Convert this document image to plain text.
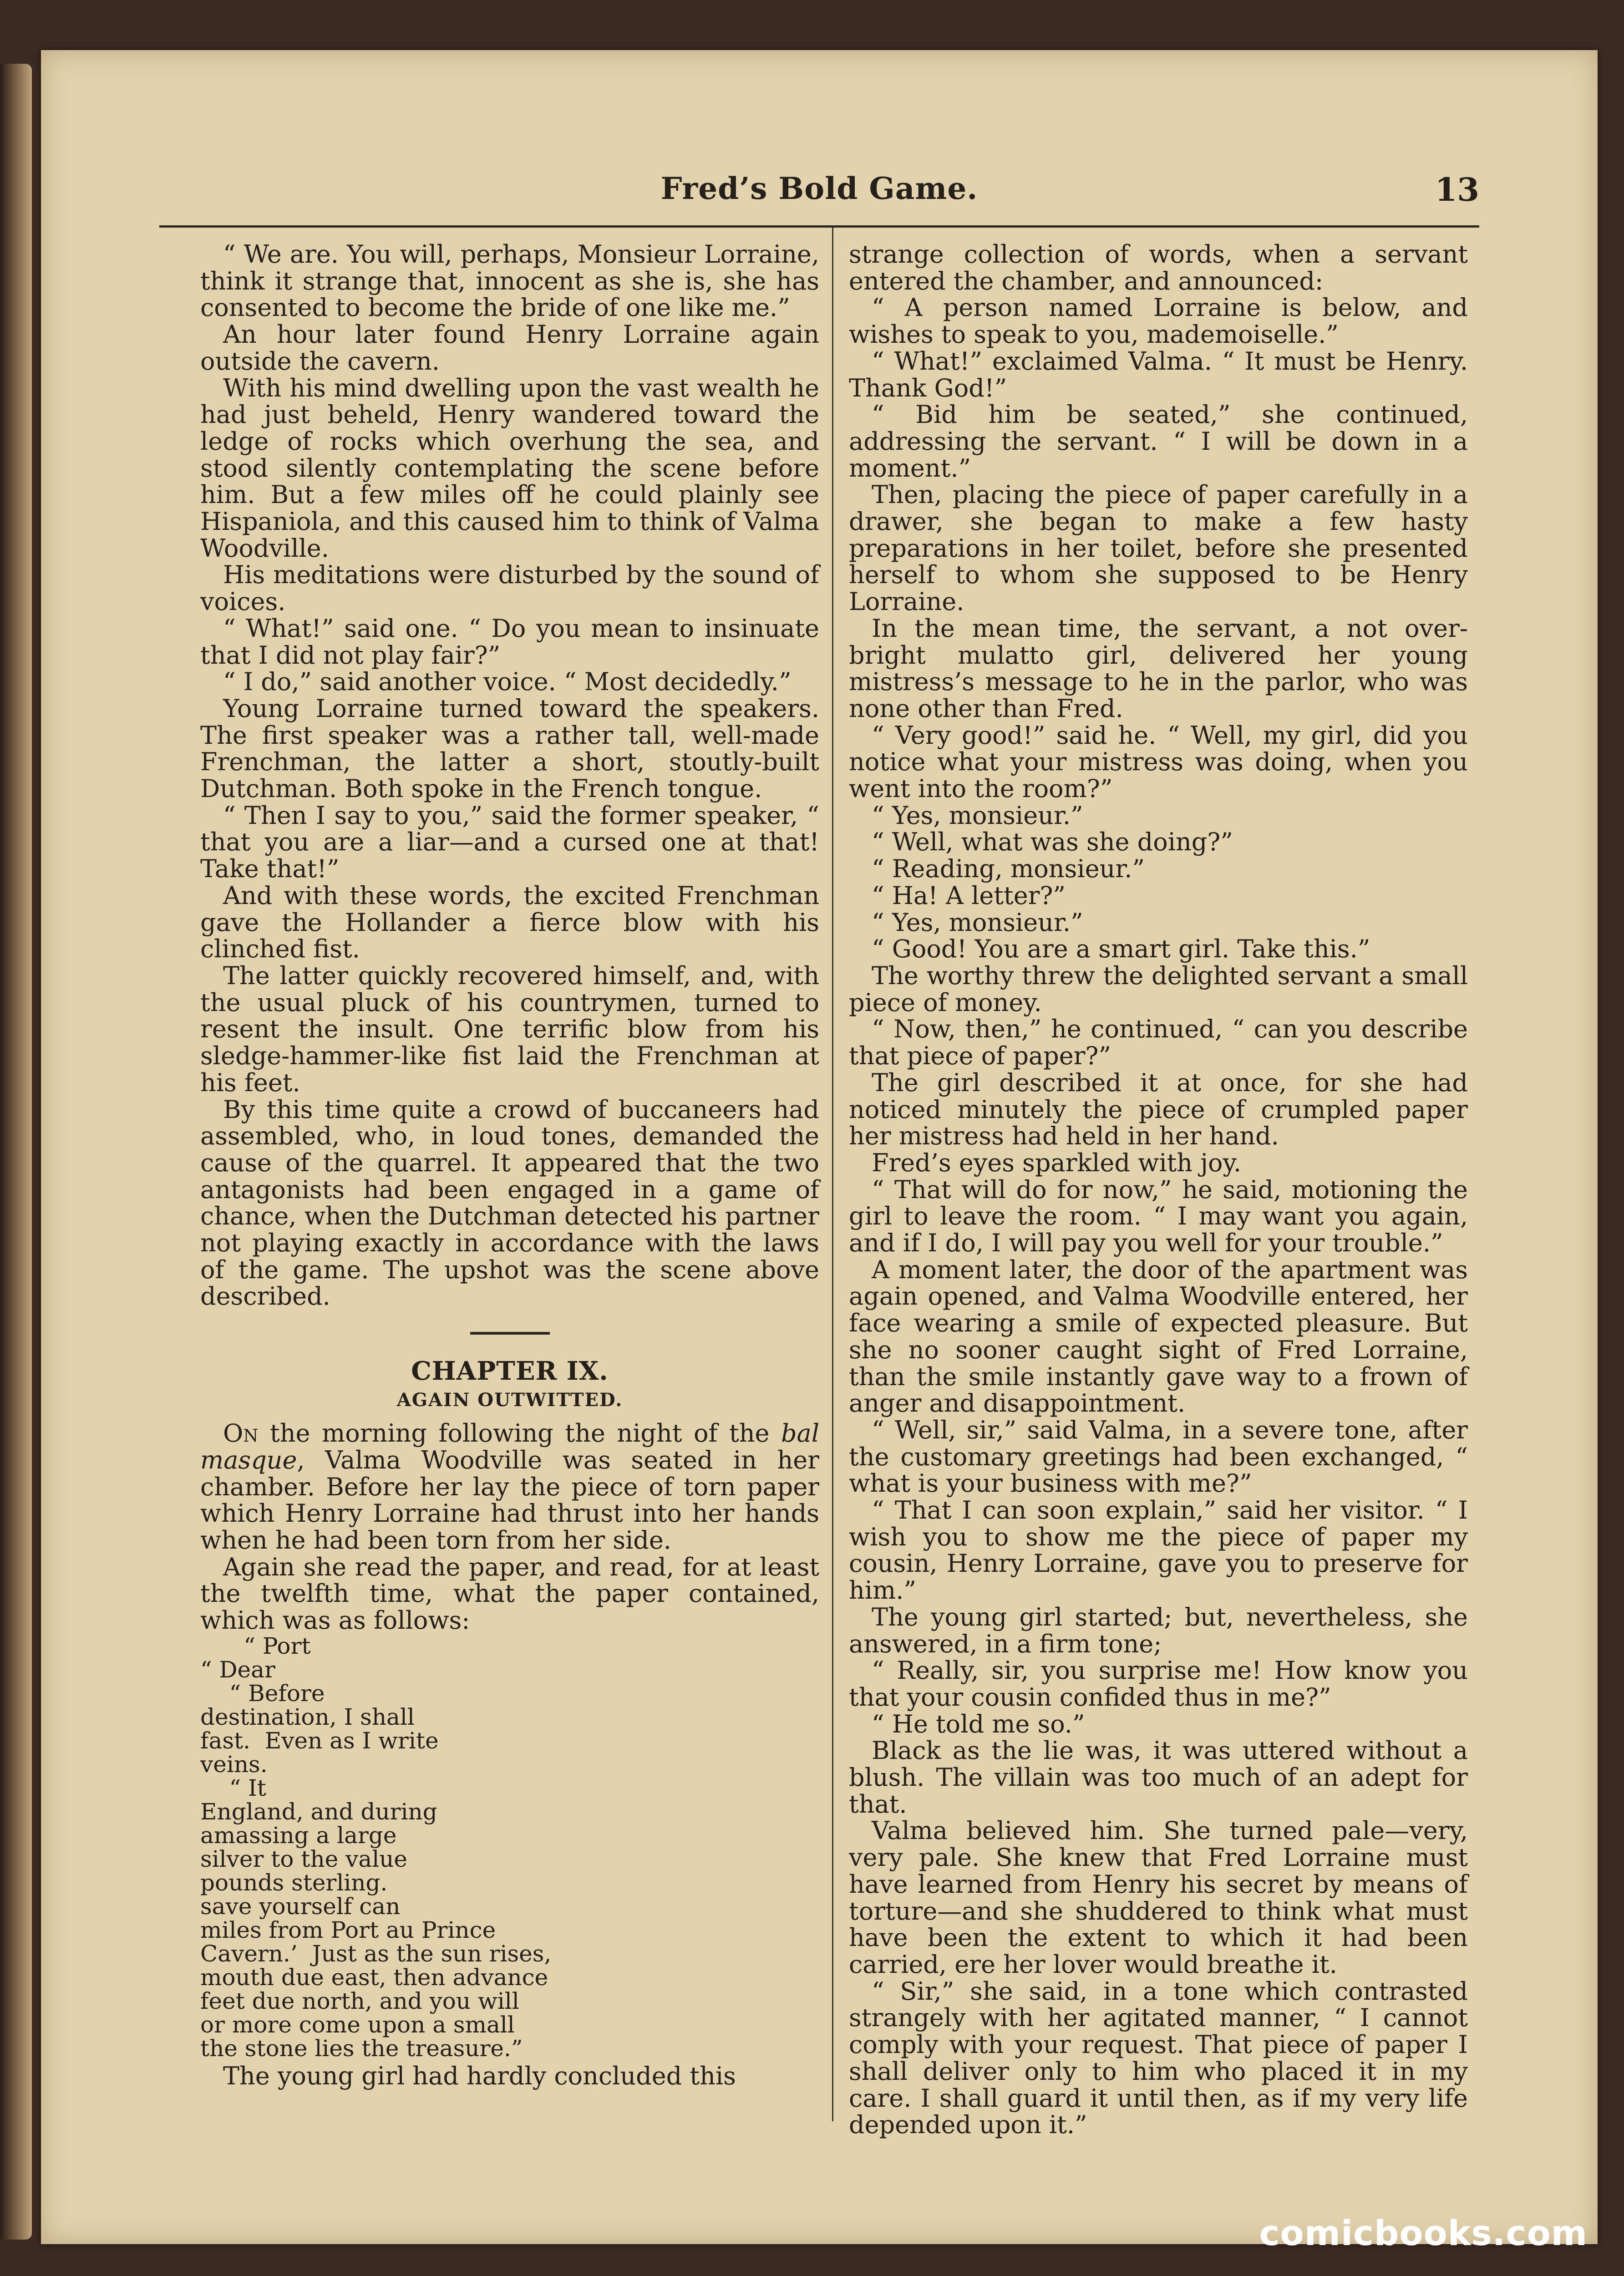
Fred’s Bold Game.	13

“ We are. You will, perhaps, Monsieur Lorraine, think it strange that, innocent as she is, she has consented to become the bride of one like me.”

An hour later found Henry Lorraine again outside the cavern.

With his mind dwelling upon the vast wealth he had just beheld, Henry wandered toward the ledge of rocks which overhung the sea, and stood silently contemplating the scene before him. But a few miles off he could plainly see Hispaniola, and this caused him to think of Valma Woodville.

His meditations were disturbed by the sound of voices.

“ What!” said one. “ Do you mean to insinuate that I did not play fair?”

“ I do,” said another voice. “ Most decidedly.”

Young Lorraine turned toward the speakers. The first speaker was a rather tall, well-made Frenchman, the latter a short, stoutly-built Dutchman. Both spoke in the French tongue.

“ Then I say to you,” said the former speaker, “ that you are a liar—and a cursed one at that! Take that!”

And with these words, the excited Frenchman gave the Hollander a fierce blow with his clinched fist.

The latter quickly recovered himself, and, with the usual pluck of his countrymen, turned to resent the insult. One terrific blow from his sledge-hammer-like fist laid the Frenchman at his feet.

By this time quite a crowd of buccaneers had assembled, who, in loud tones, demanded the cause of the quarrel. It appeared that the two antagonists had been engaged in a game of chance, when the Dutchman detected his partner not playing exactly in accordance with the laws of the game. The upshot was the scene above described.

CHAPTER IX.
AGAIN OUTWITTED.

On the morning following the night of the bal masque, Valma Woodville was seated in her chamber. Before her lay the piece of torn paper which Henry Lorraine had thrust into her hands when he had been torn from her side.

Again she read the paper, and read, for at least the twelfth time, what the paper contained, which was as follows:

“ Port
“ Dear
“ Before
destination, I shall
fast.  Even as I write
veins.
“ It
England, and during
amassing a large
silver to the value
pounds sterling.
save yourself can
miles from Port au Prince
Cavern.’  Just as the sun rises,
mouth due east, then advance
feet due north, and you will
or more come upon a small
the stone lies the treasure.”

The young girl had hardly concluded this

strange collection of words, when a servant entered the chamber, and announced:

“ A person named Lorraine is below, and wishes to speak to you, mademoiselle.”

“ What!” exclaimed Valma. “ It must be Henry. Thank God!”

“ Bid him be seated,” she continued, addressing the servant. “ I will be down in a moment.”

Then, placing the piece of paper carefully in a drawer, she began to make a few hasty preparations in her toilet, before she presented herself to whom she supposed to be Henry Lorraine.

In the mean time, the servant, a not over-bright mulatto girl, delivered her young mistress’s message to he in the parlor, who was none other than Fred.

“ Very good!” said he. “ Well, my girl, did you notice what your mistress was doing, when you went into the room?”

“ Yes, monsieur.”

“ Well, what was she doing?”

“ Reading, monsieur.”

“ Ha! A letter?”

“ Yes, monsieur.”

“ Good! You are a smart girl. Take this.”

The worthy threw the delighted servant a small piece of money.

“ Now, then,” he continued, “ can you describe that piece of paper?”

The girl described it at once, for she had noticed minutely the piece of crumpled paper her mistress had held in her hand.

Fred’s eyes sparkled with joy.

“ That will do for now,” he said, motioning the girl to leave the room. “ I may want you again, and if I do, I will pay you well for your trouble.”

A moment later, the door of the apartment was again opened, and Valma Woodville entered, her face wearing a smile of expected pleasure. But she no sooner caught sight of Fred Lorraine, than the smile instantly gave way to a frown of anger and disappointment.

“ Well, sir,” said Valma, in a severe tone, after the customary greetings had been exchanged, “ what is your business with me?”

“ That I can soon explain,” said her visitor. “ I wish you to show me the piece of paper my cousin, Henry Lorraine, gave you to preserve for him.”

The young girl started; but, nevertheless, she answered, in a firm tone;

“ Really, sir, you surprise me! How know you that your cousin confided thus in me?”

“ He told me so.”

Black as the lie was, it was uttered without a blush. The villain was too much of an adept for that.

Valma believed him. She turned pale—very, very pale. She knew that Fred Lorraine must have learned from Henry his secret by means of torture—and she shuddered to think what must have been the extent to which it had been carried, ere her lover would breathe it.

“ Sir,” she said, in a tone which contrasted strangely with her agitated manner, “ I cannot comply with your request. That piece of paper I shall deliver only to him who placed it in my care. I shall guard it until then, as if my very life depended upon it.”

comicbooks.com
